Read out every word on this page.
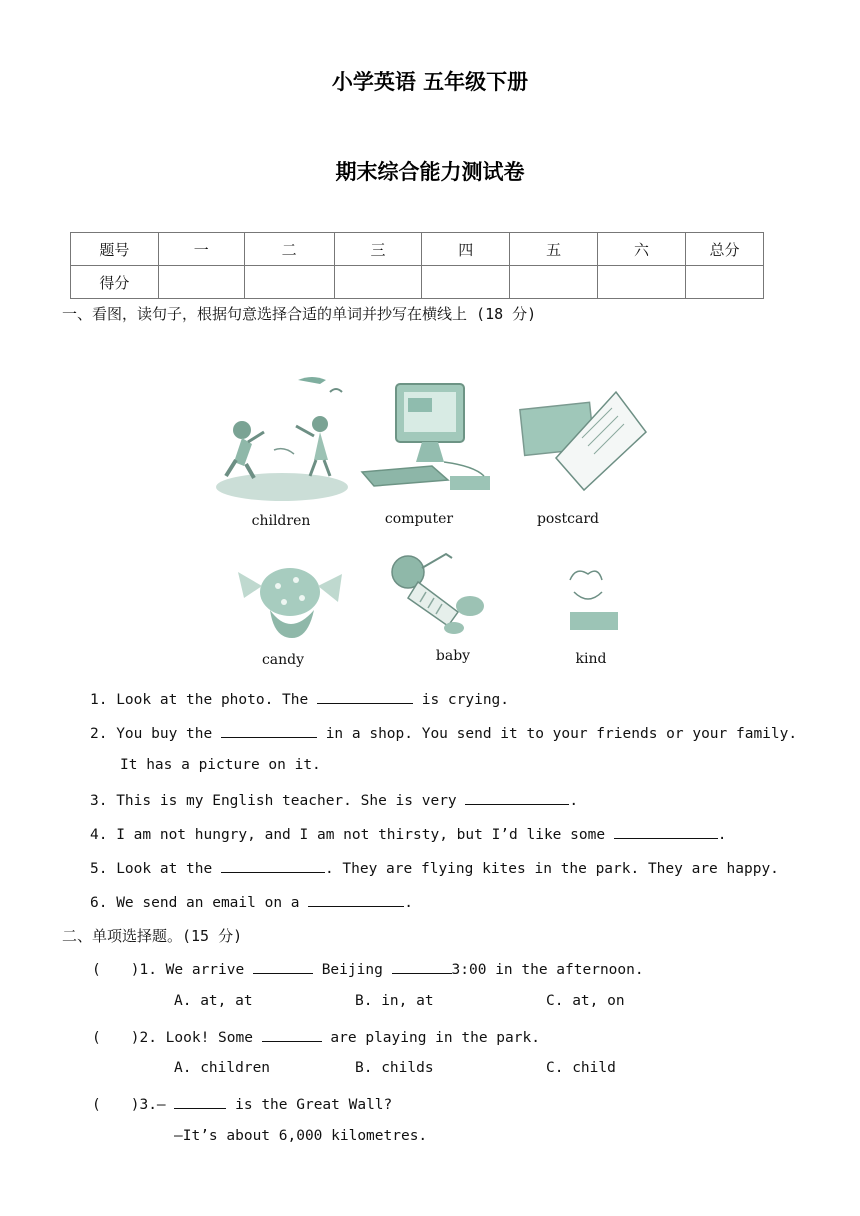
小学英语 五年级下册
期末综合能力测试卷
题号	一	二	三	四	五	六	总分
得分							
一、看图，读句子，根据句意选择合适的单词并抄写在横线上 (18 分)
children	computer	postcard
candy	baby	kind
1. Look at the photo. The	is crying.
2. You buy the	in a shop. You send it to your friends or your family.
It has a picture on it.
3. This is my English teacher. She is very	.
4. I am not hungry, and I am not thirsty, but I’d like some	.
5. Look at the	. They are flying kites in the park. They are happy.
6. We send an email on a	.
二、单项选择题。(15 分)
( )1. We arrive	Beijing	3:00 in the afternoon.
A. at, at	B. in, at	C. at, on
( )2. Look! Some	are playing in the park.
A. children	B. childs	C. child
( )3.—	is the Great Wall?
—It’s about 6,000 kilometres.
